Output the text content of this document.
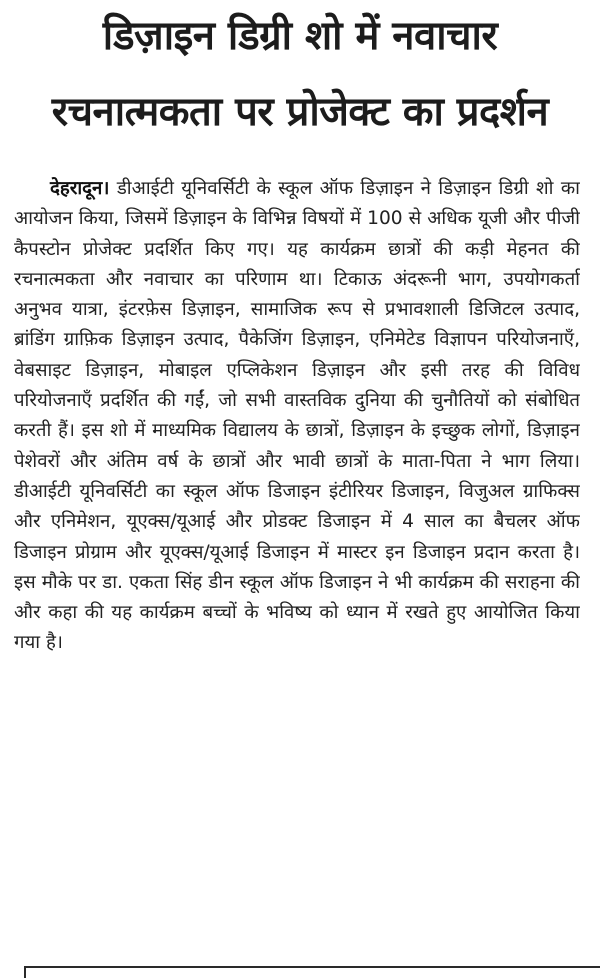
डिज़ाइन डिग्री शो में नवाचार
रचनात्मकता पर प्रोजेक्ट का प्रदर्शन

देहरादून। डीआईटी यूनिवर्सिटी के स्कूल ऑफ डिज़ाइन ने डिज़ाइन डिग्री शो का आयोजन किया, जिसमें डिज़ाइन के विभिन्न विषयों में 100 से अधिक यूजी और पीजी कैपस्टोन प्रोजेक्ट प्रदर्शित किए गए। यह कार्यक्रम छात्रों की कड़ी मेहनत की रचनात्मकता और नवाचार का परिणाम था। टिकाऊ अंदरूनी भाग, उपयोगकर्ता अनुभव यात्रा, इंटरफ़ेस डिज़ाइन, सामाजिक रूप से प्रभावशाली डिजिटल उत्पाद, ब्रांडिंग ग्राफ़िक डिज़ाइन उत्पाद, पैकेजिंग डिज़ाइन, एनिमेटेड विज्ञापन परियोजनाएँ, वेबसाइट डिज़ाइन, मोबाइल एप्लिकेशन डिज़ाइन और इसी तरह की विविध परियोजनाएँ प्रदर्शित की गईं, जो सभी वास्तविक दुनिया की चुनौतियों को संबोधित करती हैं। इस शो में माध्यमिक विद्यालय के छात्रों, डिज़ाइन के इच्छुक लोगों, डिज़ाइन पेशेवरों और अंतिम वर्ष के छात्रों और भावी छात्रों के माता-पिता ने भाग लिया। डीआईटी यूनिवर्सिटी का स्कूल ऑफ डिजाइन इंटीरियर डिजाइन, विजुअल ग्राफिक्स और एनिमेशन, यूएक्स/यूआई और प्रोडक्ट डिजाइन में 4 साल का बैचलर ऑफ डिजाइन प्रोग्राम और यूएक्स/यूआई डिजाइन में मास्टर इन डिजाइन प्रदान करता है। इस मौके पर डा. एकता सिंह डीन स्कूल ऑफ डिजाइन ने भी कार्यक्रम की सराहना की और कहा की यह कार्यक्रम बच्चों के भविष्य को ध्यान में रखते हुए आयोजित किया गया है।
